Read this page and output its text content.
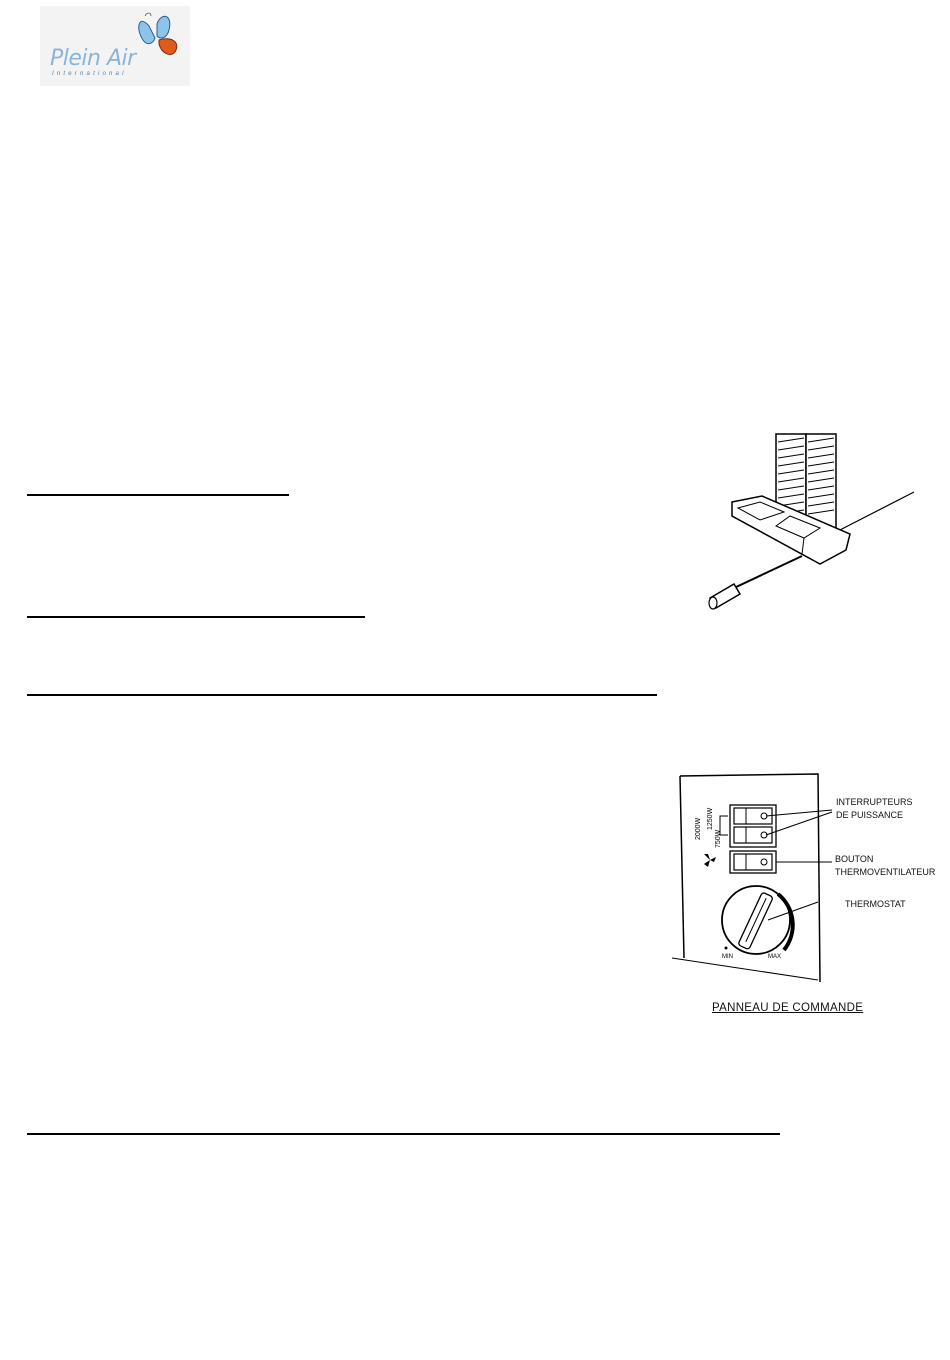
Plein Air
International
2000W 1250W
750W
MIN	MAX
INTERRUPTEURS
DE PUISSANCE
BOUTON
THERMOVENTILATEUR
THERMOSTAT
PANNEAU DE COMMANDE
